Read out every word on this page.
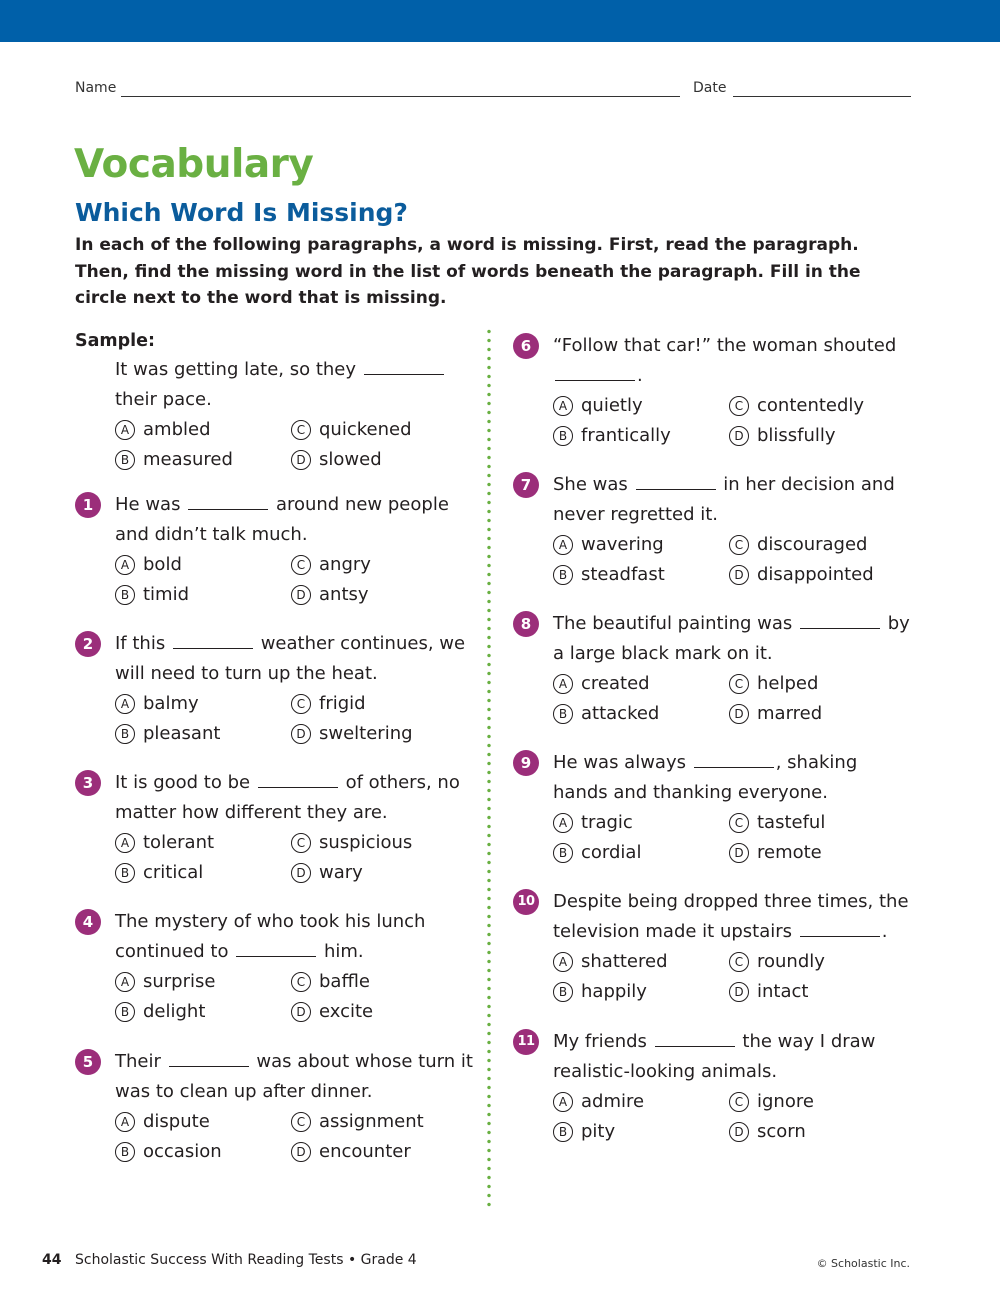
Name	Date
Vocabulary
Which Word Is Missing?
In each of the following paragraphs, a word is missing. First, read the paragraph. Then, find the missing word in the list of words beneath the paragraph. Fill in the circle next to the word that is missing.
Sample:
It was getting late, so they  their pace.
A ambled	C quickened
B measured	D slowed
1	He was	around new people and didn’t talk much.
A bold	C angry
B timid	D antsy
2	If this	weather continues, we will need to turn up the heat.
A balmy	C frigid
B pleasant	D sweltering
3	It is good to be	of others, no matter how different they are.
A tolerant	C suspicious
B critical	D wary
4	The mystery of who took his lunch continued to	him.
A surprise	C baffle
B delight	D excite
5	Their	was about whose turn it was to clean up after dinner.
A dispute	C assignment
B occasion	D encounter
6	“Follow that car!” the woman shouted .
A quietly	C contentedly
B frantically	D blissfully
7	She was	in her decision and never regretted it.
A wavering	C discouraged
B steadfast	D disappointed
8	The beautiful painting was	by a large black mark on it.
A created	C helped
B attacked	D marred
9	He was always	, shaking hands and thanking everyone.
A tragic	C tasteful
B cordial	D remote
10 Despite being dropped three times, the television made it upstairs	.
A shattered	C roundly
B happily	D intact
11 My friends	the way I draw realistic-looking animals.
A admire	C ignore
B pity	D scorn
44 Scholastic Success With Reading Tests • Grade 4	© Scholastic Inc.
